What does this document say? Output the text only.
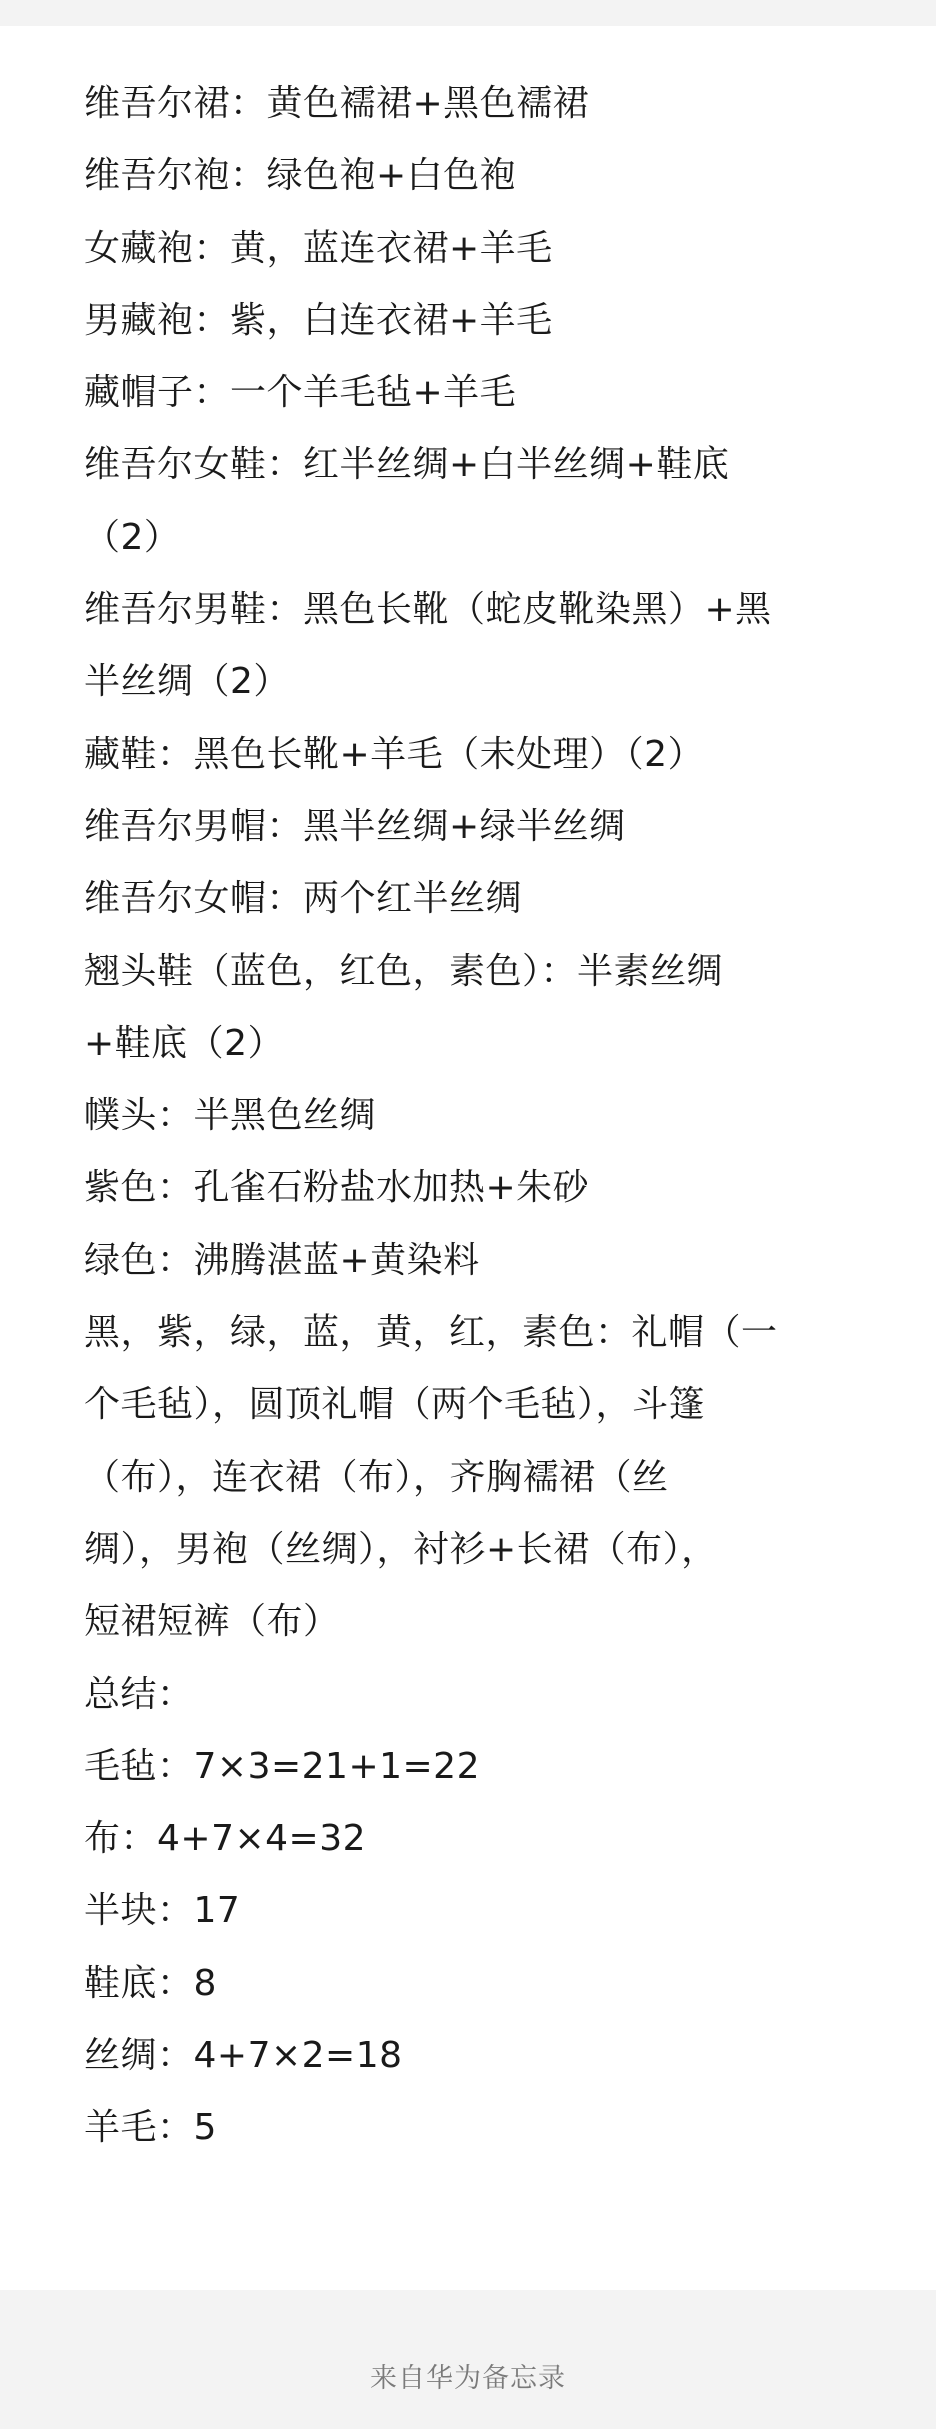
维吾尔裙：黄色襦裙+黑色襦裙
维吾尔袍：绿色袍+白色袍
女藏袍：黄，蓝连衣裙+羊毛
男藏袍：紫，白连衣裙+羊毛
藏帽子：一个羊毛毡+羊毛
维吾尔女鞋：红半丝绸+白半丝绸+鞋底
（2）
维吾尔男鞋：黑色长靴（蛇皮靴染黑）+黑
半丝绸（2）
藏鞋：黑色长靴+羊毛（未处理）（2）
维吾尔男帽：黑半丝绸+绿半丝绸
维吾尔女帽：两个红半丝绸
翘头鞋（蓝色，红色，素色）：半素丝绸
+鞋底（2）
幞头：半黑色丝绸
紫色：孔雀石粉盐水加热+朱砂
绿色：沸腾湛蓝+黄染料
黑，紫，绿，蓝，黄，红，素色：礼帽（一
个毛毡），圆顶礼帽（两个毛毡），斗篷
（布），连衣裙（布），齐胸襦裙（丝
绸），男袍（丝绸），衬衫+长裙（布），
短裙短裤（布）
总结：
毛毡：7×3=21+1=22
布：4+7×4=32
半块：17
鞋底：8
丝绸：4+7×2=18
羊毛：5
来自华为备忘录
